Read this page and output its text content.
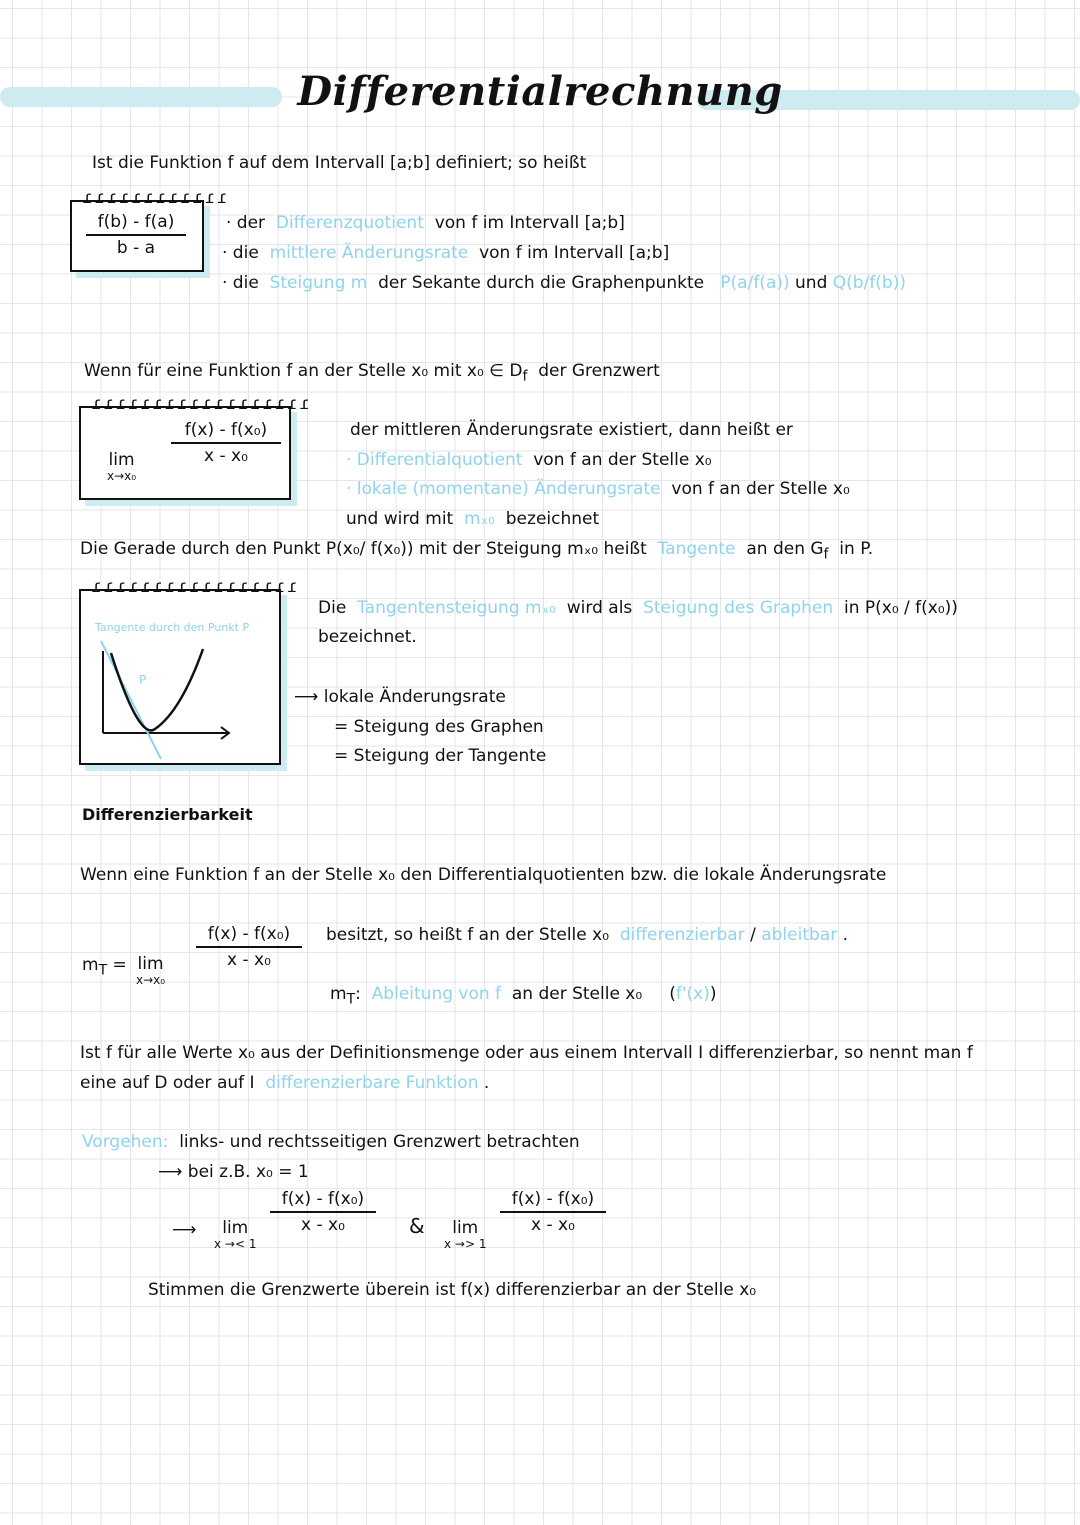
Differentialrechnung
Ist die Funktion f auf dem Intervall [a;b] definiert; so heißt
ɾɾɾɾɾɾɾɾɾɾɾɾ
$\frac{f(b) - f(a)}{b - a}$ · der Differenzquotient von f im Intervall [a;b]
· die mittlere Änderungsrate von f im Intervall [a;b]
· die Steigung m der Sekante durch die Graphenpunkte P(a/f(a)) und Q(b/f(b))
Wenn für eine Funktion f an der Stelle x₀ mit x₀ ∈ $D_f$ der Grenzwert
ɾɾɾɾɾɾɾɾɾɾɾɾɾɾɾɾɾɾ
lim
x→x₀
$\frac{\text{f(x) - f(x₀)}}{\text{x - x₀}}$	der mittleren Änderungsrate existiert, dann heißt er
· Differentialquotient von f an der Stelle x₀
· lokale (momentane) Änderungsrate von f an der Stelle x₀
und wird mit mₓ₀ bezeichnet
Die Gerade durch den Punkt P(x₀/ f(x₀)) mit der Steigung mₓ₀ heißt Tangente an den $G_f$ in P.
ɾɾɾɾɾɾɾɾɾɾɾɾɾɾɾɾɾ
Tangente durch den Punkt P
P
Die Tangentensteigung mₓ₀ wird als Steigung des Graphen in P(x₀ / f(x₀))
bezeichnet.
⟶ lokale Änderungsrate
= Steigung des Graphen
= Steigung der Tangente
Differenzierbarkeit
Wenn eine Funktion f an der Stelle x₀ den Differentialquotienten bzw. die lokale Änderungsrate
$m_T = \lim$
x→x₀
$\frac{\text{f(x) - f(x₀)}}{\text{x - x₀}}$ besitzt, so heißt f an der Stelle x₀ differenzierbar / ableitbar .
$m_T$: Ableitung von f an der Stelle x₀ (f'(x))
Ist f für alle Werte x₀ aus der Definitionsmenge oder aus einem Intervall I differenzierbar, so nennt man f
eine auf D oder auf I differenzierbare Funktion .
Vorgehen: links- und rechtsseitigen Grenzwert betrachten
⟶ bei z.B. x₀ = 1
⟶	lim
x →< 1
$\frac{\text{f(x) - f(x₀)}}{\text{x - x₀}}$ &	lim
x →> 1
$\frac{\text{f(x) - f(x₀)}}{\text{x - x₀}}$
Stimmen die Grenzwerte überein ist f(x) differenzierbar an der Stelle x₀
